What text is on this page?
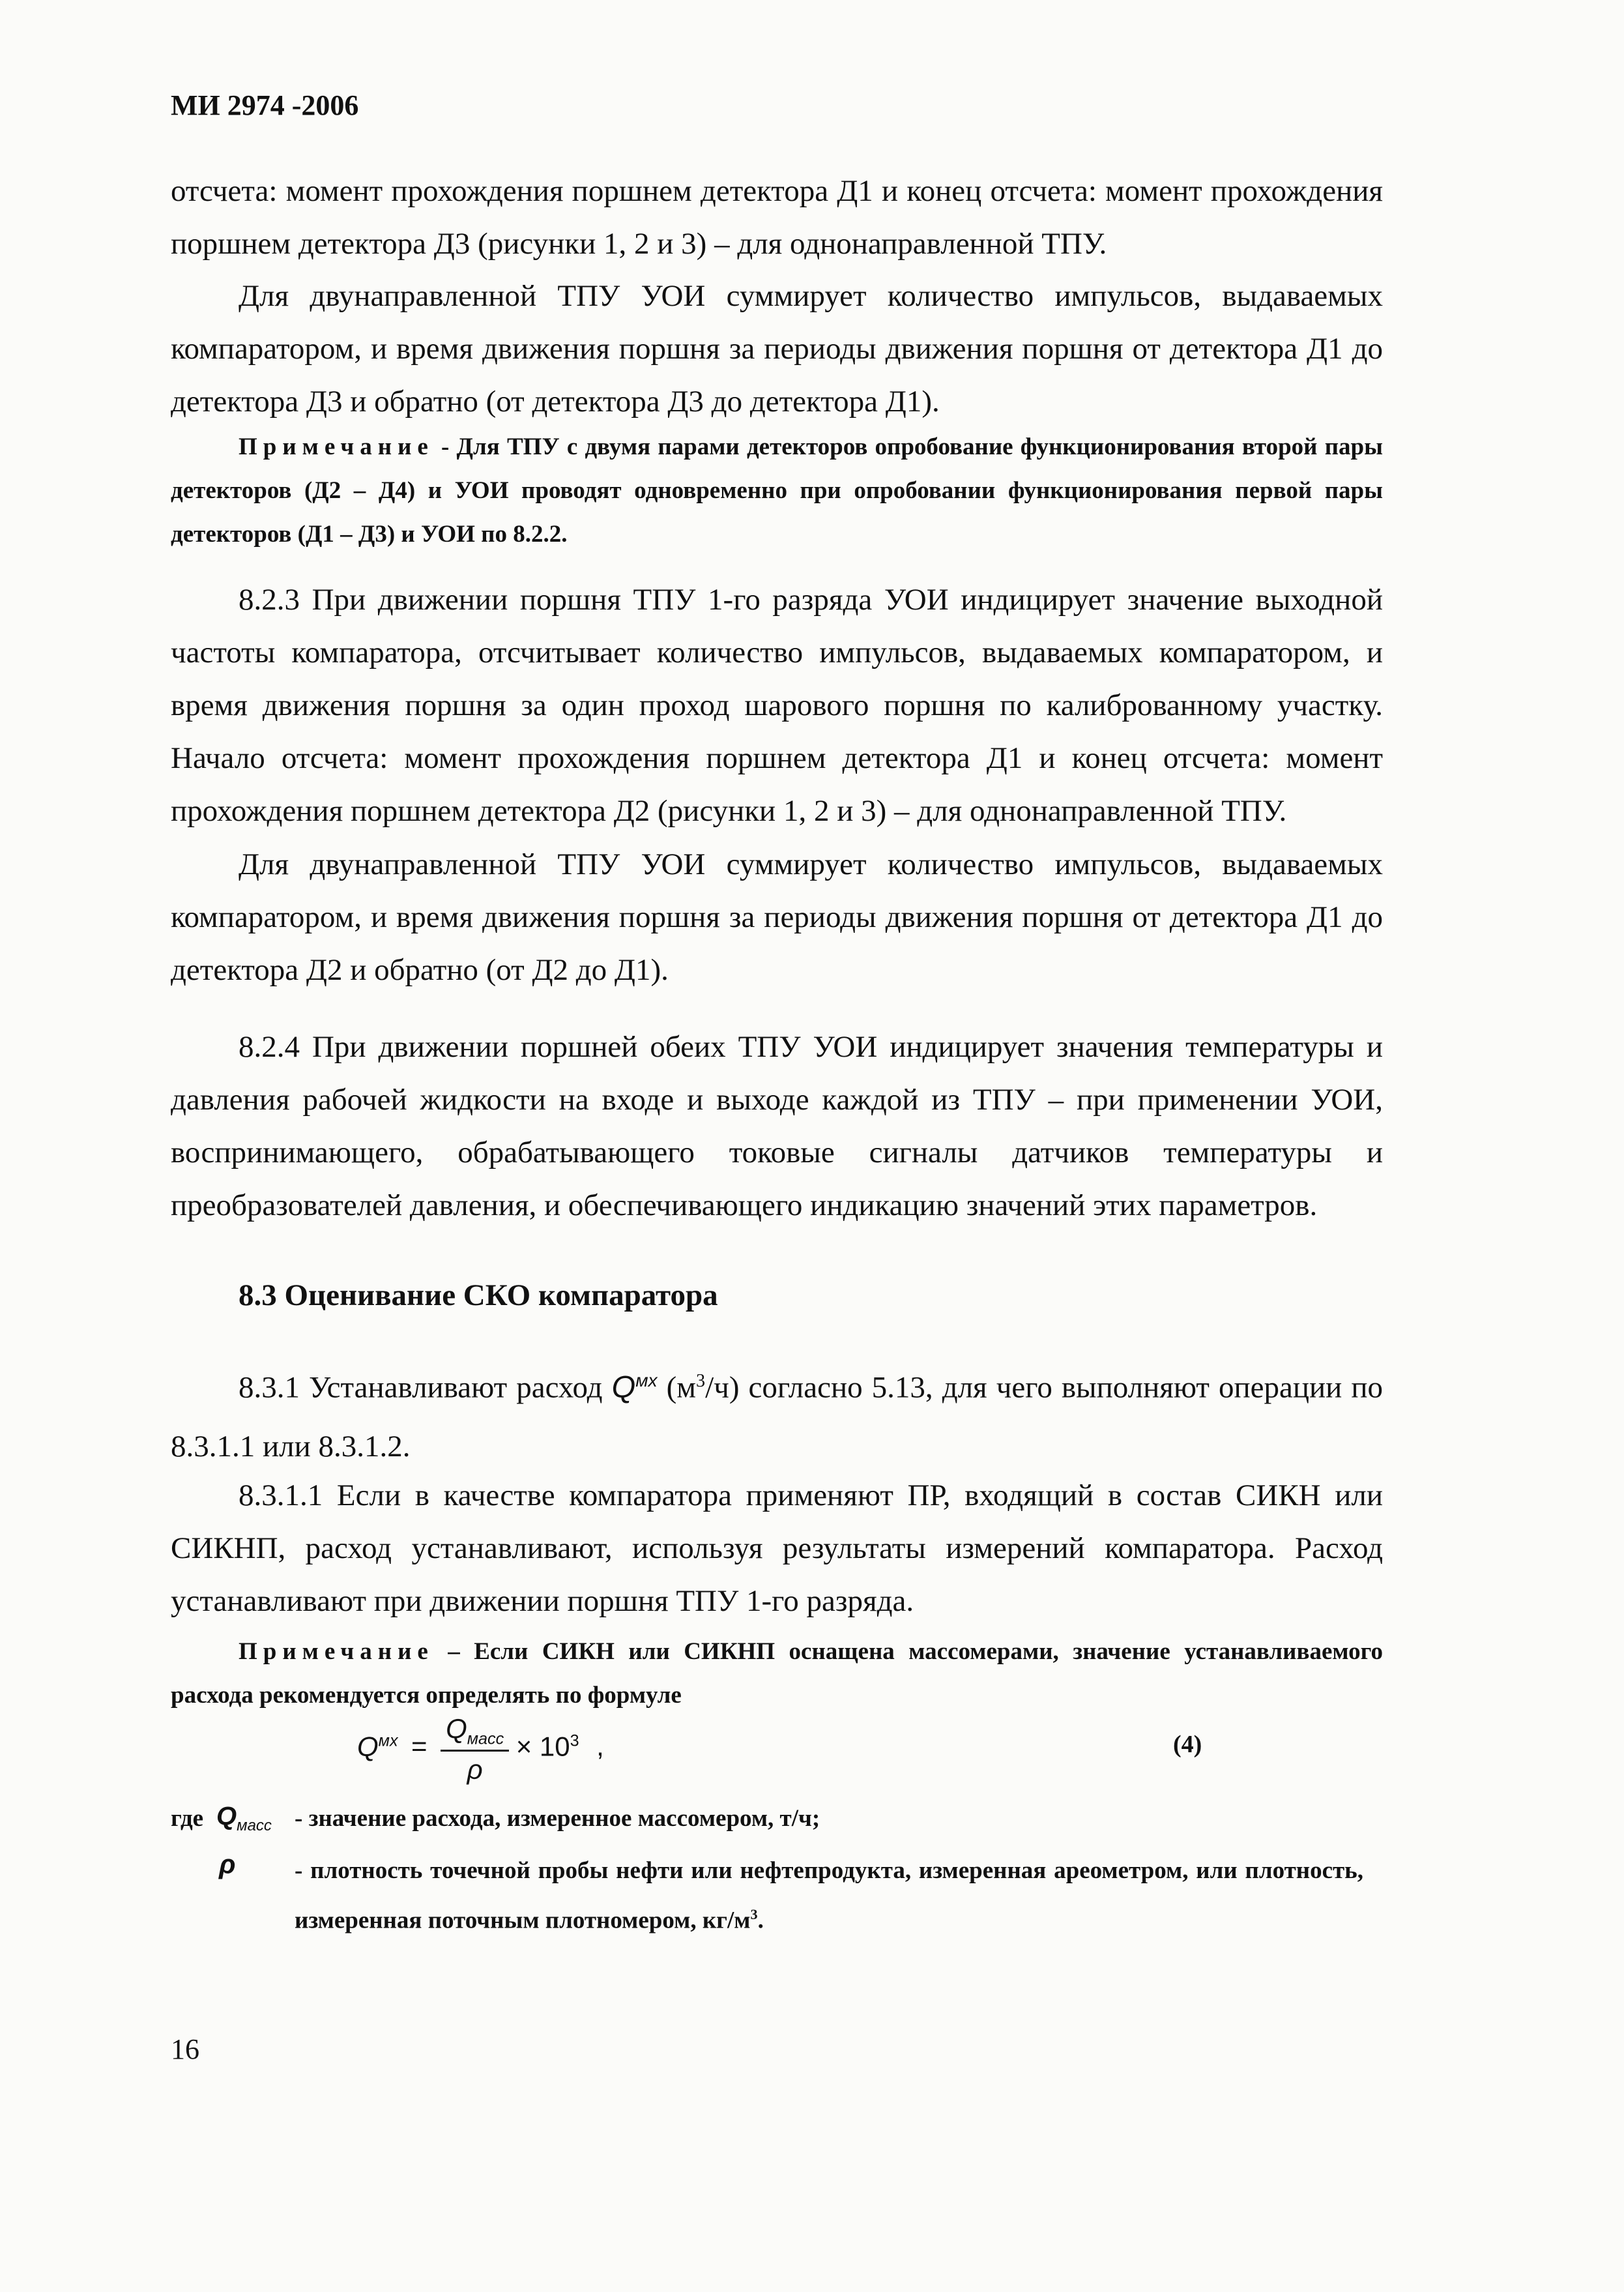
МИ 2974 -2006
отсчета: момент прохождения поршнем детектора Д1 и конец отсчета: момент прохождения поршнем детектора Д3 (рисунки 1, 2 и 3) – для однонаправленной ТПУ.
Для двунаправленной ТПУ УОИ суммирует количество импульсов, выдаваемых компаратором, и время движения поршня за периоды движения поршня от детектора Д1 до детектора Д3 и обратно (от детектора Д3 до детектора Д1).
Примечание - Для ТПУ с двумя парами детекторов опробование функционирования второй пары детекторов (Д2 – Д4) и УОИ проводят одновременно при опробовании функционирования первой пары детекторов (Д1 – Д3) и УОИ по 8.2.2.
8.2.3 При движении поршня ТПУ 1-го разряда УОИ индицирует значение выходной частоты компаратора, отсчитывает количество импульсов, выдаваемых компаратором, и время движения поршня за один проход шарового поршня по калиброванному участку. Начало отсчета: момент прохождения поршнем детектора Д1 и конец отсчета: момент прохождения поршнем детектора Д2 (рисунки 1, 2 и 3) – для однонаправленной ТПУ.
Для двунаправленной ТПУ УОИ суммирует количество импульсов, выдаваемых компаратором, и время движения поршня за периоды движения поршня от детектора Д1 до детектора Д2 и обратно (от Д2 до Д1).
8.2.4 При движении поршней обеих ТПУ УОИ индицирует значения температуры и давления рабочей жидкости на входе и выходе каждой из ТПУ – при применении УОИ, воспринимающего, обрабатывающего токовые сигналы датчиков температуры и преобразователей давления, и обеспечивающего индикацию значений этих параметров.
8.3 Оценивание СКО компаратора
8.3.1 Устанавливают расход $Q^{мх}$ $(м^3/ч)$ согласно 5.13, для чего выполняют операции по 8.3.1.1 или 8.3.1.2.
8.3.1.1 Если в качестве компаратора применяют ПР, входящий в состав СИКН или СИКНП, расход устанавливают, используя результаты измерений компаратора. Расход устанавливают при движении поршня ТПУ 1-го разряда.
Примечание – Если СИКН или СИКНП оснащена массомерами, значение устанавливаемого расхода рекомендуется определять по формуле
$Q^{мх} = \frac{Q_{масс}}{\rho} \times 10^3$ ,	(4)
где $Q_{масс}$ - значение расхода, измеренное массомером, т/ч;
ρ - плотность точечной пробы нефти или нефтепродукта, измеренная ареометром, или плотность, измеренная поточным плотномером, $кг/м^3$.
16
